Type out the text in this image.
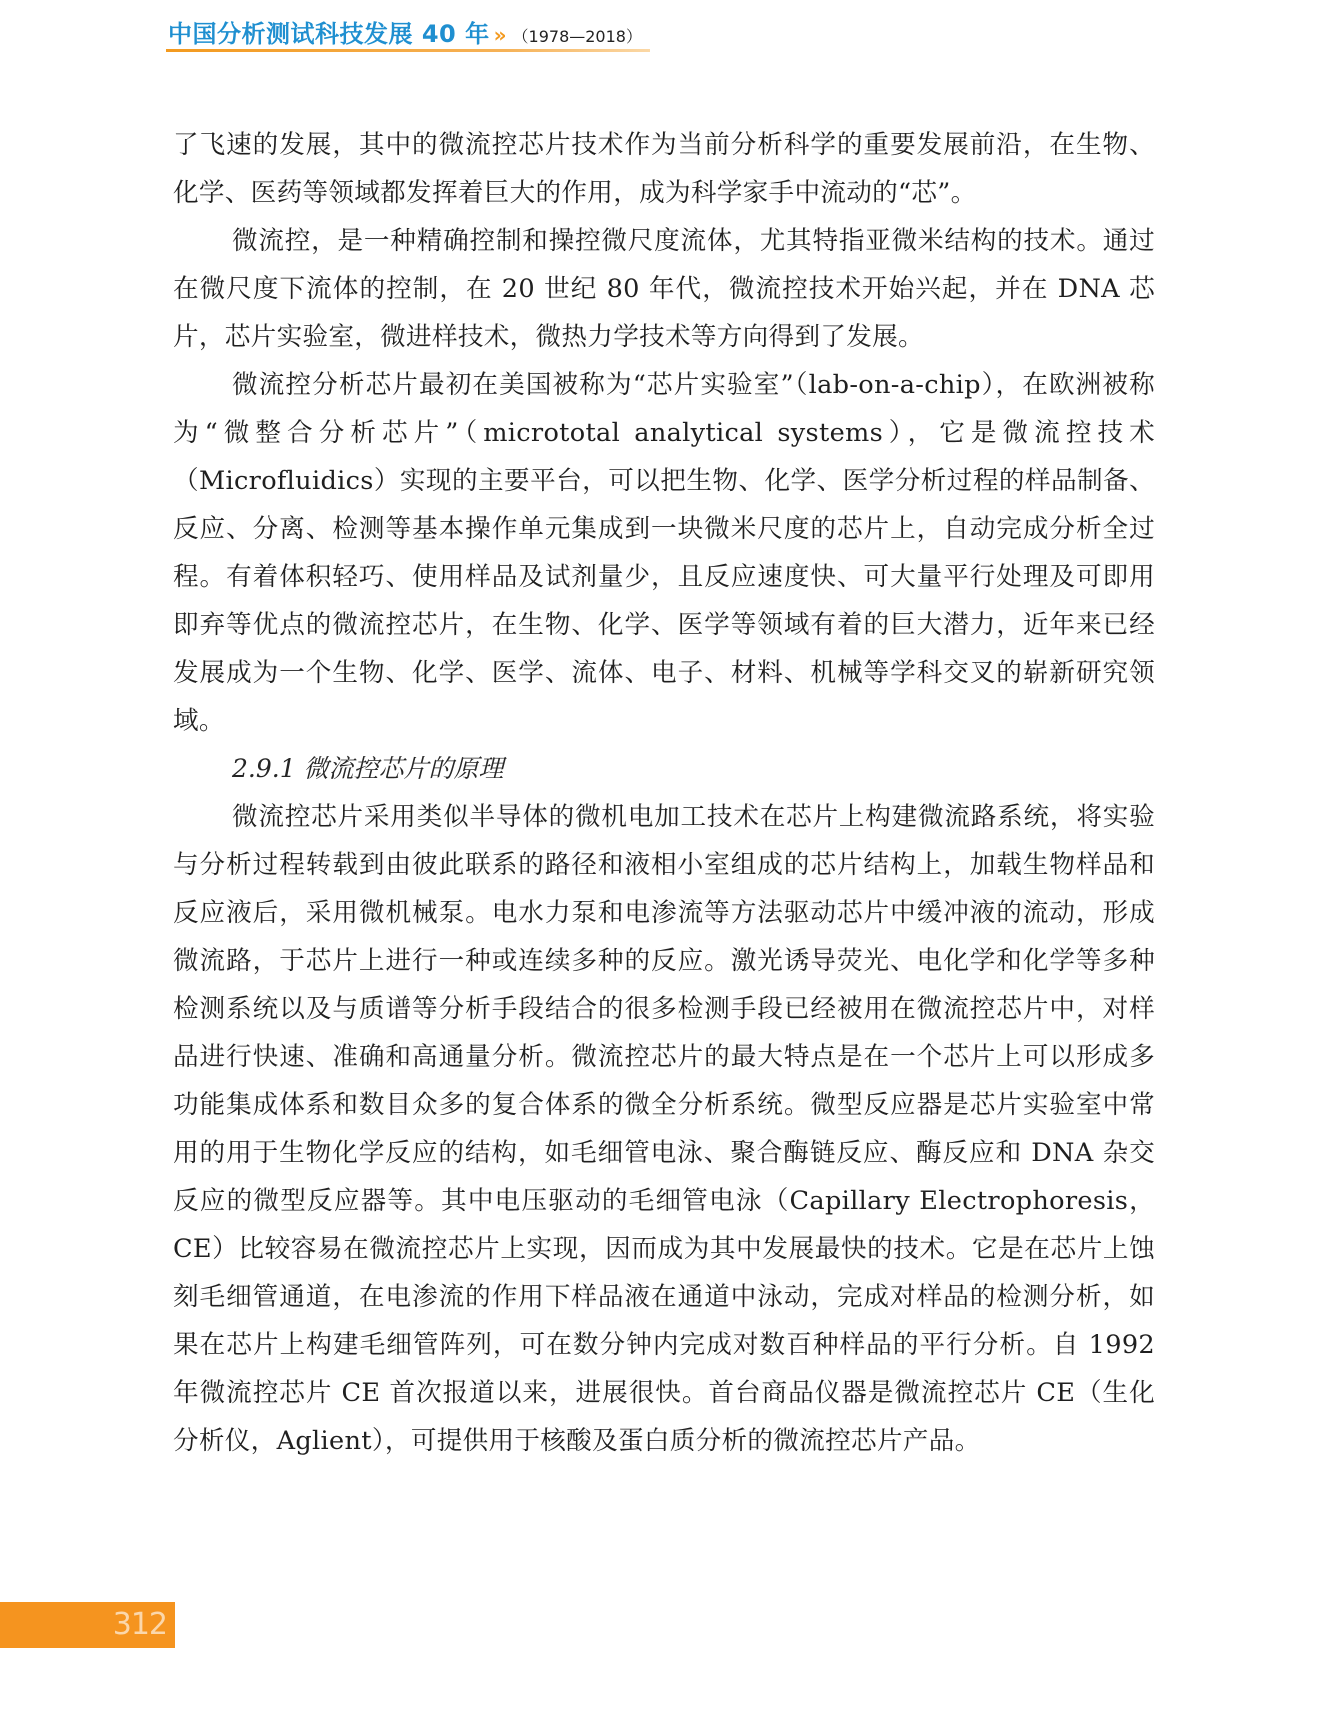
中国分析测试科技发展 40 年 » （1978—2018）

了飞速的发展，其中的微流控芯片技术作为当前分析科学的重要发展前沿，在生物、化学、医药等领域都发挥着巨大的作用，成为科学家手中流动的“芯”。

微流控，是一种精确控制和操控微尺度流体，尤其特指亚微米结构的技术。通过在微尺度下流体的控制，在 20 世纪 80 年代，微流控技术开始兴起，并在 DNA 芯片，芯片实验室，微进样技术，微热力学技术等方向得到了发展。

微流控分析芯片最初在美国被称为“芯片实验室”（lab-on-a-chip），在欧洲被称为“微整合分析芯片”（micrototal analytical systems），它是微流控技术（Microfluidics）实现的主要平台，可以把生物、化学、医学分析过程的样品制备、反应、分离、检测等基本操作单元集成到一块微米尺度的芯片上，自动完成分析全过程。有着体积轻巧、使用样品及试剂量少，且反应速度快、可大量平行处理及可即用即弃等优点的微流控芯片，在生物、化学、医学等领域有着的巨大潜力，近年来已经发展成为一个生物、化学、医学、流体、电子、材料、机械等学科交叉的崭新研究领域。

2.9.1 微流控芯片的原理

微流控芯片采用类似半导体的微机电加工技术在芯片上构建微流路系统，将实验与分析过程转载到由彼此联系的路径和液相小室组成的芯片结构上，加载生物样品和反应液后，采用微机械泵。电水力泵和电渗流等方法驱动芯片中缓冲液的流动，形成微流路，于芯片上进行一种或连续多种的反应。激光诱导荧光、电化学和化学等多种检测系统以及与质谱等分析手段结合的很多检测手段已经被用在微流控芯片中，对样品进行快速、准确和高通量分析。微流控芯片的最大特点是在一个芯片上可以形成多功能集成体系和数目众多的复合体系的微全分析系统。微型反应器是芯片实验室中常用的用于生物化学反应的结构，如毛细管电泳、聚合酶链反应、酶反应和 DNA 杂交反应的微型反应器等。其中电压驱动的毛细管电泳（Capillary Electrophoresis，CE）比较容易在微流控芯片上实现，因而成为其中发展最快的技术。它是在芯片上蚀刻毛细管通道，在电渗流的作用下样品液在通道中泳动，完成对样品的检测分析，如果在芯片上构建毛细管阵列，可在数分钟内完成对数百种样品的平行分析。自 1992 年微流控芯片 CE 首次报道以来，进展很快。首台商品仪器是微流控芯片 CE（生化分析仪，Aglient），可提供用于核酸及蛋白质分析的微流控芯片产品。

312
